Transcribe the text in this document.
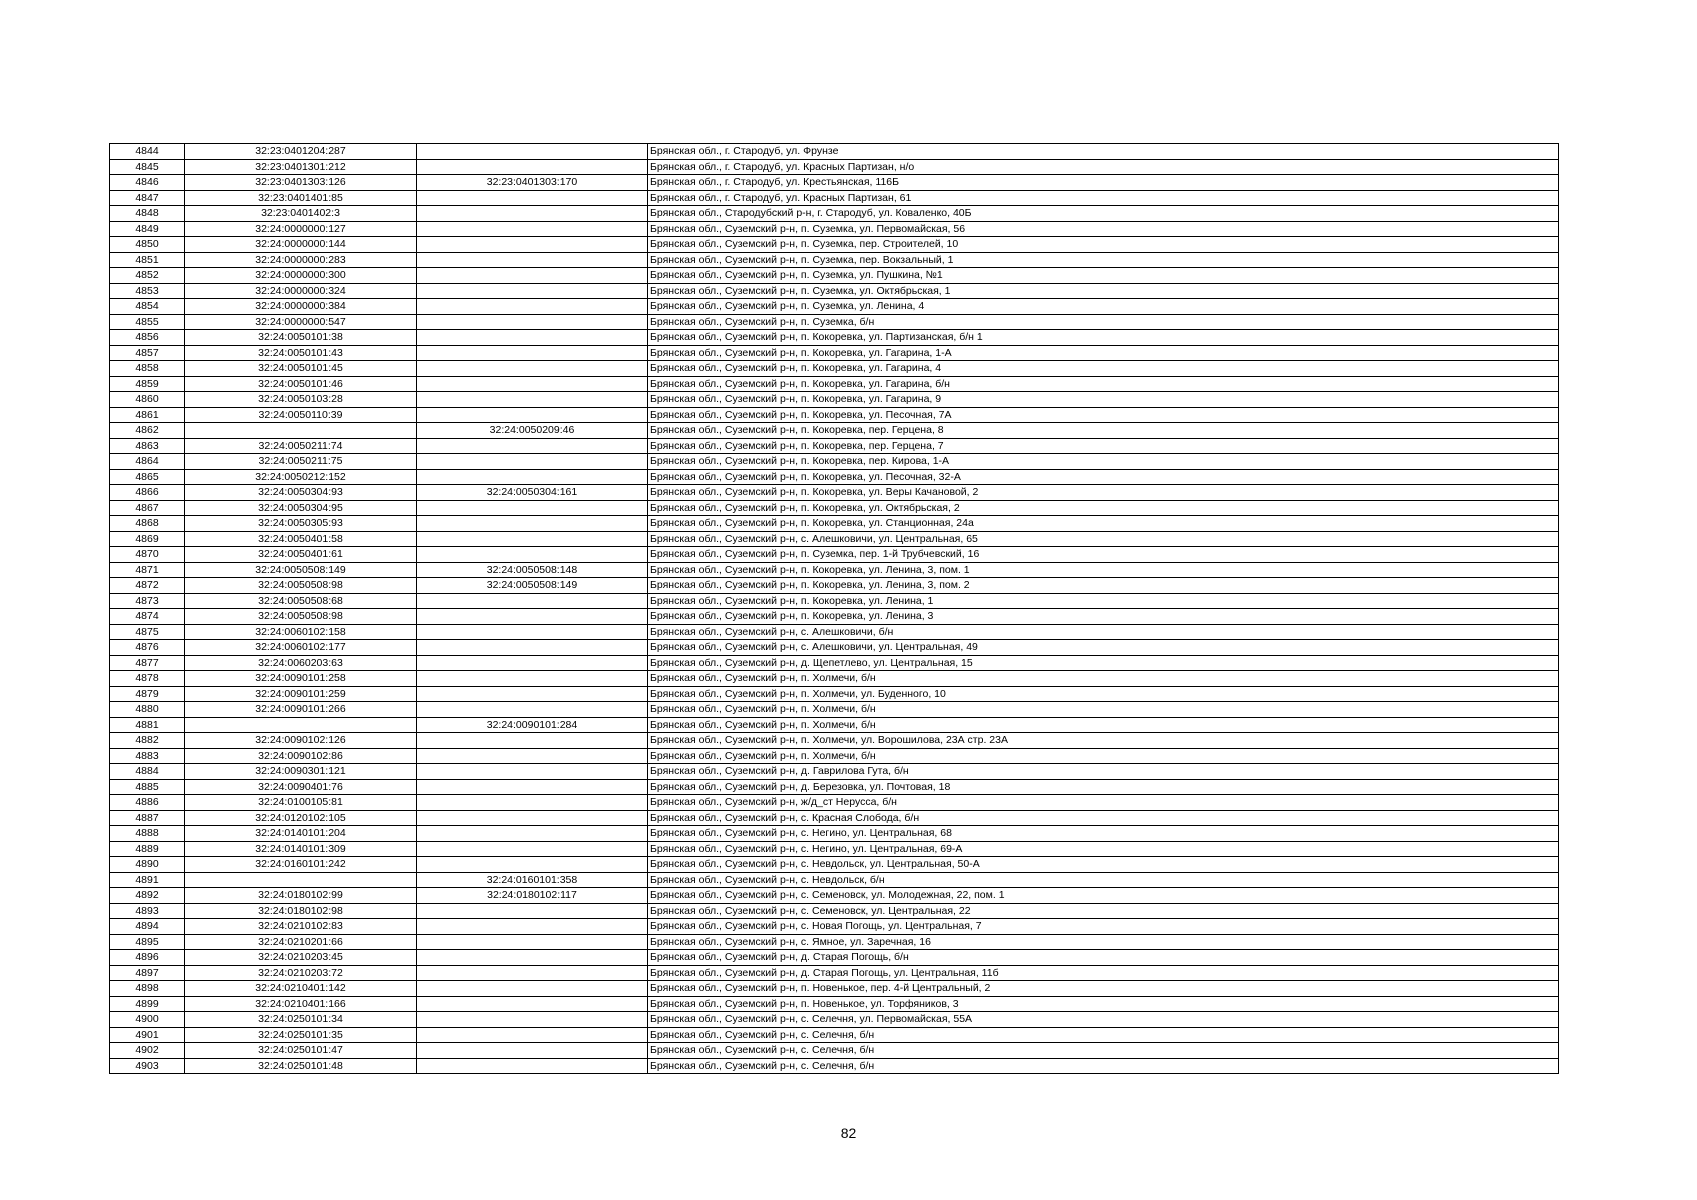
4844	32:23:0401204:287		Брянская обл., г. Стародуб, ул. Фрунзе
4845	32:23:0401301:212		Брянская обл., г. Стародуб, ул. Красных Партизан, н/о
4846	32:23:0401303:126	32:23:0401303:170	Брянская обл., г. Стародуб, ул. Крестьянская, 116Б
4847	32:23:0401401:85		Брянская обл., г. Стародуб, ул. Красных Партизан, 61
4848	32:23:0401402:3		Брянская обл., Стародубский р-н, г. Стародуб, ул. Коваленко, 40Б
4849	32:24:0000000:127		Брянская обл., Суземский р-н, п. Суземка, ул. Первомайская, 56
4850	32:24:0000000:144		Брянская обл., Суземский р-н, п. Суземка, пер. Строителей, 10
4851	32:24:0000000:283		Брянская обл., Суземский р-н, п. Суземка, пер. Вокзальный, 1
4852	32:24:0000000:300		Брянская обл., Суземский р-н, п. Суземка, ул. Пушкина, №1
4853	32:24:0000000:324		Брянская обл., Суземский р-н, п. Суземка, ул. Октябрьская, 1
4854	32:24:0000000:384		Брянская обл., Суземский р-н, п. Суземка, ул. Ленина, 4
4855	32:24:0000000:547		Брянская обл., Суземский р-н, п. Суземка, б/н
4856	32:24:0050101:38		Брянская обл., Суземский р-н, п. Кокоревка, ул. Партизанская, б/н 1
4857	32:24:0050101:43		Брянская обл., Суземский р-н, п. Кокоревка, ул. Гагарина, 1-А
4858	32:24:0050101:45		Брянская обл., Суземский р-н, п. Кокоревка, ул. Гагарина, 4
4859	32:24:0050101:46		Брянская обл., Суземский р-н, п. Кокоревка, ул. Гагарина, б/н
4860	32:24:0050103:28		Брянская обл., Суземский р-н, п. Кокоревка, ул. Гагарина, 9
4861	32:24:0050110:39		Брянская обл., Суземский р-н, п. Кокоревка, ул. Песочная, 7А
4862		32:24:0050209:46	Брянская обл., Суземский р-н, п. Кокоревка, пер. Герцена, 8
4863	32:24:0050211:74		Брянская обл., Суземский р-н, п. Кокоревка, пер. Герцена, 7
4864	32:24:0050211:75		Брянская обл., Суземский р-н, п. Кокоревка, пер. Кирова, 1-А
4865	32:24:0050212:152		Брянская обл., Суземский р-н, п. Кокоревка, ул. Песочная, 32-А
4866	32:24:0050304:93	32:24:0050304:161	Брянская обл., Суземский р-н, п. Кокоревка, ул. Веры Качановой, 2
4867	32:24:0050304:95		Брянская обл., Суземский р-н, п. Кокоревка, ул. Октябрьская, 2
4868	32:24:0050305:93		Брянская обл., Суземский р-н, п. Кокоревка, ул. Станционная, 24а
4869	32:24:0050401:58		Брянская обл., Суземский р-н, с. Алешковичи, ул. Центральная, 65
4870	32:24:0050401:61		Брянская обл., Суземский р-н, п. Суземка, пер. 1-й Трубчевский, 16
4871	32:24:0050508:149	32:24:0050508:148	Брянская обл., Суземский р-н, п. Кокоревка, ул. Ленина, 3, пом. 1
4872	32:24:0050508:98	32:24:0050508:149	Брянская обл., Суземский р-н, п. Кокоревка, ул. Ленина, 3, пом. 2
4873	32:24:0050508:68		Брянская обл., Суземский р-н, п. Кокоревка, ул. Ленина, 1
4874	32:24:0050508:98		Брянская обл., Суземский р-н, п. Кокоревка, ул. Ленина, 3
4875	32:24:0060102:158		Брянская обл., Суземский р-н, с. Алешковичи, б/н
4876	32:24:0060102:177		Брянская обл., Суземский р-н, с. Алешковичи, ул. Центральная, 49
4877	32:24:0060203:63		Брянская обл., Суземский р-н, д. Щепетлево, ул. Центральная, 15
4878	32:24:0090101:258		Брянская обл., Суземский р-н, п. Холмечи, б/н
4879	32:24:0090101:259		Брянская обл., Суземский р-н, п. Холмечи, ул. Буденного, 10
4880	32:24:0090101:266		Брянская обл., Суземский р-н, п. Холмечи, б/н
4881		32:24:0090101:284	Брянская обл., Суземский р-н, п. Холмечи, б/н
4882	32:24:0090102:126		Брянская обл., Суземский р-н, п. Холмечи, ул. Ворошилова, 23А стр. 23А
4883	32:24:0090102:86		Брянская обл., Суземский р-н, п. Холмечи, б/н
4884	32:24:0090301:121		Брянская обл., Суземский р-н, д. Гаврилова Гута, б/н
4885	32:24:0090401:76		Брянская обл., Суземский р-н, д. Березовка, ул. Почтовая, 18
4886	32:24:0100105:81		Брянская обл., Суземский р-н, ж/д_ст Нерусса, б/н
4887	32:24:0120102:105		Брянская обл., Суземский р-н, с. Красная Слобода, б/н
4888	32:24:0140101:204		Брянская обл., Суземский р-н, с. Негино, ул. Центральная, 68
4889	32:24:0140101:309		Брянская обл., Суземский р-н, с. Негино, ул. Центральная, 69-А
4890	32:24:0160101:242		Брянская обл., Суземский р-н, с. Невдольск, ул. Центральная, 50-А
4891		32:24:0160101:358	Брянская обл., Суземский р-н, с. Невдольск, б/н
4892	32:24:0180102:99	32:24:0180102:117	Брянская обл., Суземский р-н, с. Семеновск, ул. Молодежная, 22, пом. 1
4893	32:24:0180102:98		Брянская обл., Суземский р-н, с. Семеновск, ул. Центральная, 22
4894	32:24:0210102:83		Брянская обл., Суземский р-н, с. Новая Погощь, ул. Центральная, 7
4895	32:24:0210201:66		Брянская обл., Суземский р-н, с. Ямное, ул. Заречная, 16
4896	32:24:0210203:45		Брянская обл., Суземский р-н, д. Старая Погощь, б/н
4897	32:24:0210203:72		Брянская обл., Суземский р-н, д. Старая Погощь, ул. Центральная, 11б
4898	32:24:0210401:142		Брянская обл., Суземский р-н, п. Новенькое, пер. 4-й Центральный, 2
4899	32:24:0210401:166		Брянская обл., Суземский р-н, п. Новенькое, ул. Торфяников, 3
4900	32:24:0250101:34		Брянская обл., Суземский р-н, с. Селечня, ул. Первомайская, 55А
4901	32:24:0250101:35		Брянская обл., Суземский р-н, с. Селечня, б/н
4902	32:24:0250101:47		Брянская обл., Суземский р-н, с. Селечня, б/н
4903	32:24:0250101:48		Брянская обл., Суземский р-н, с. Селечня, б/н
82
